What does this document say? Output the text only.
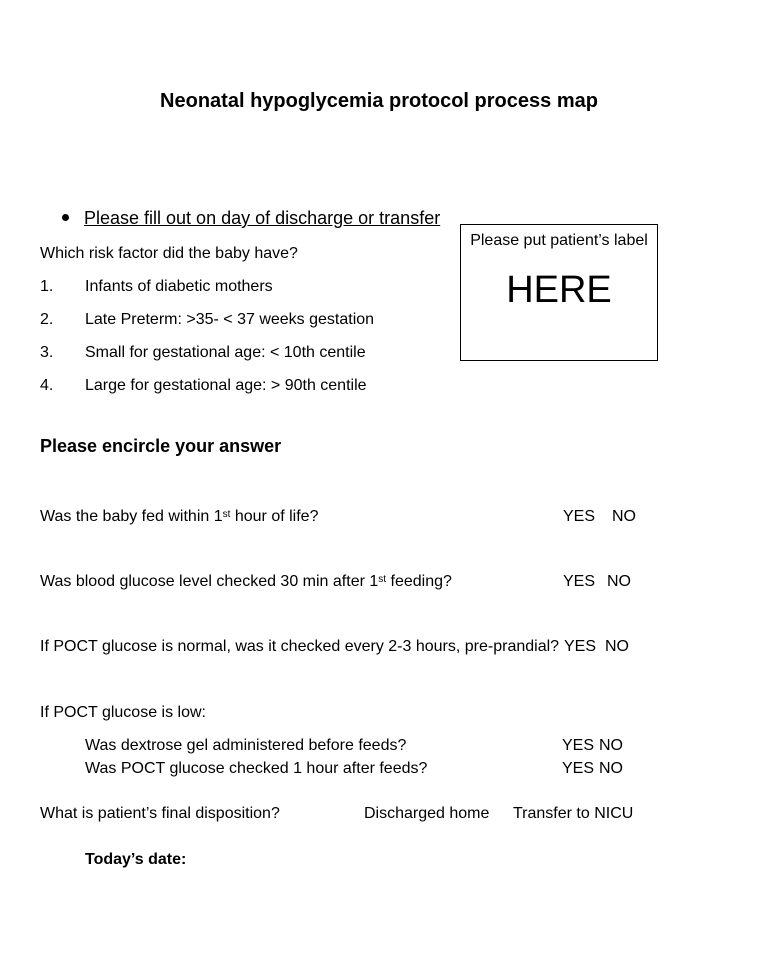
Neonatal hypoglycemia protocol process map
Please fill out on day of discharge or transfer
Please put patient’s label
HERE
Which risk factor did the baby have?
1. Infants of diabetic mothers
2. Late Preterm: >35- < 37 weeks gestation
3. Small for gestational age: < 10th centile
4. Large for gestational age: > 90th centile
Please encircle your answer
Was the baby fed within 1st hour of life?	YES NO
Was blood glucose level checked 30 min after 1st feeding?	YES NO
If POCT glucose is normal, was it checked every 2-3 hours, pre-prandial? YES NO
If POCT glucose is low:
Was dextrose gel administered before feeds?	YES NO
Was POCT glucose checked 1 hour after feeds?	YES NO
What is patient’s final disposition?	Discharged home Transfer to NICU
Today’s date:
